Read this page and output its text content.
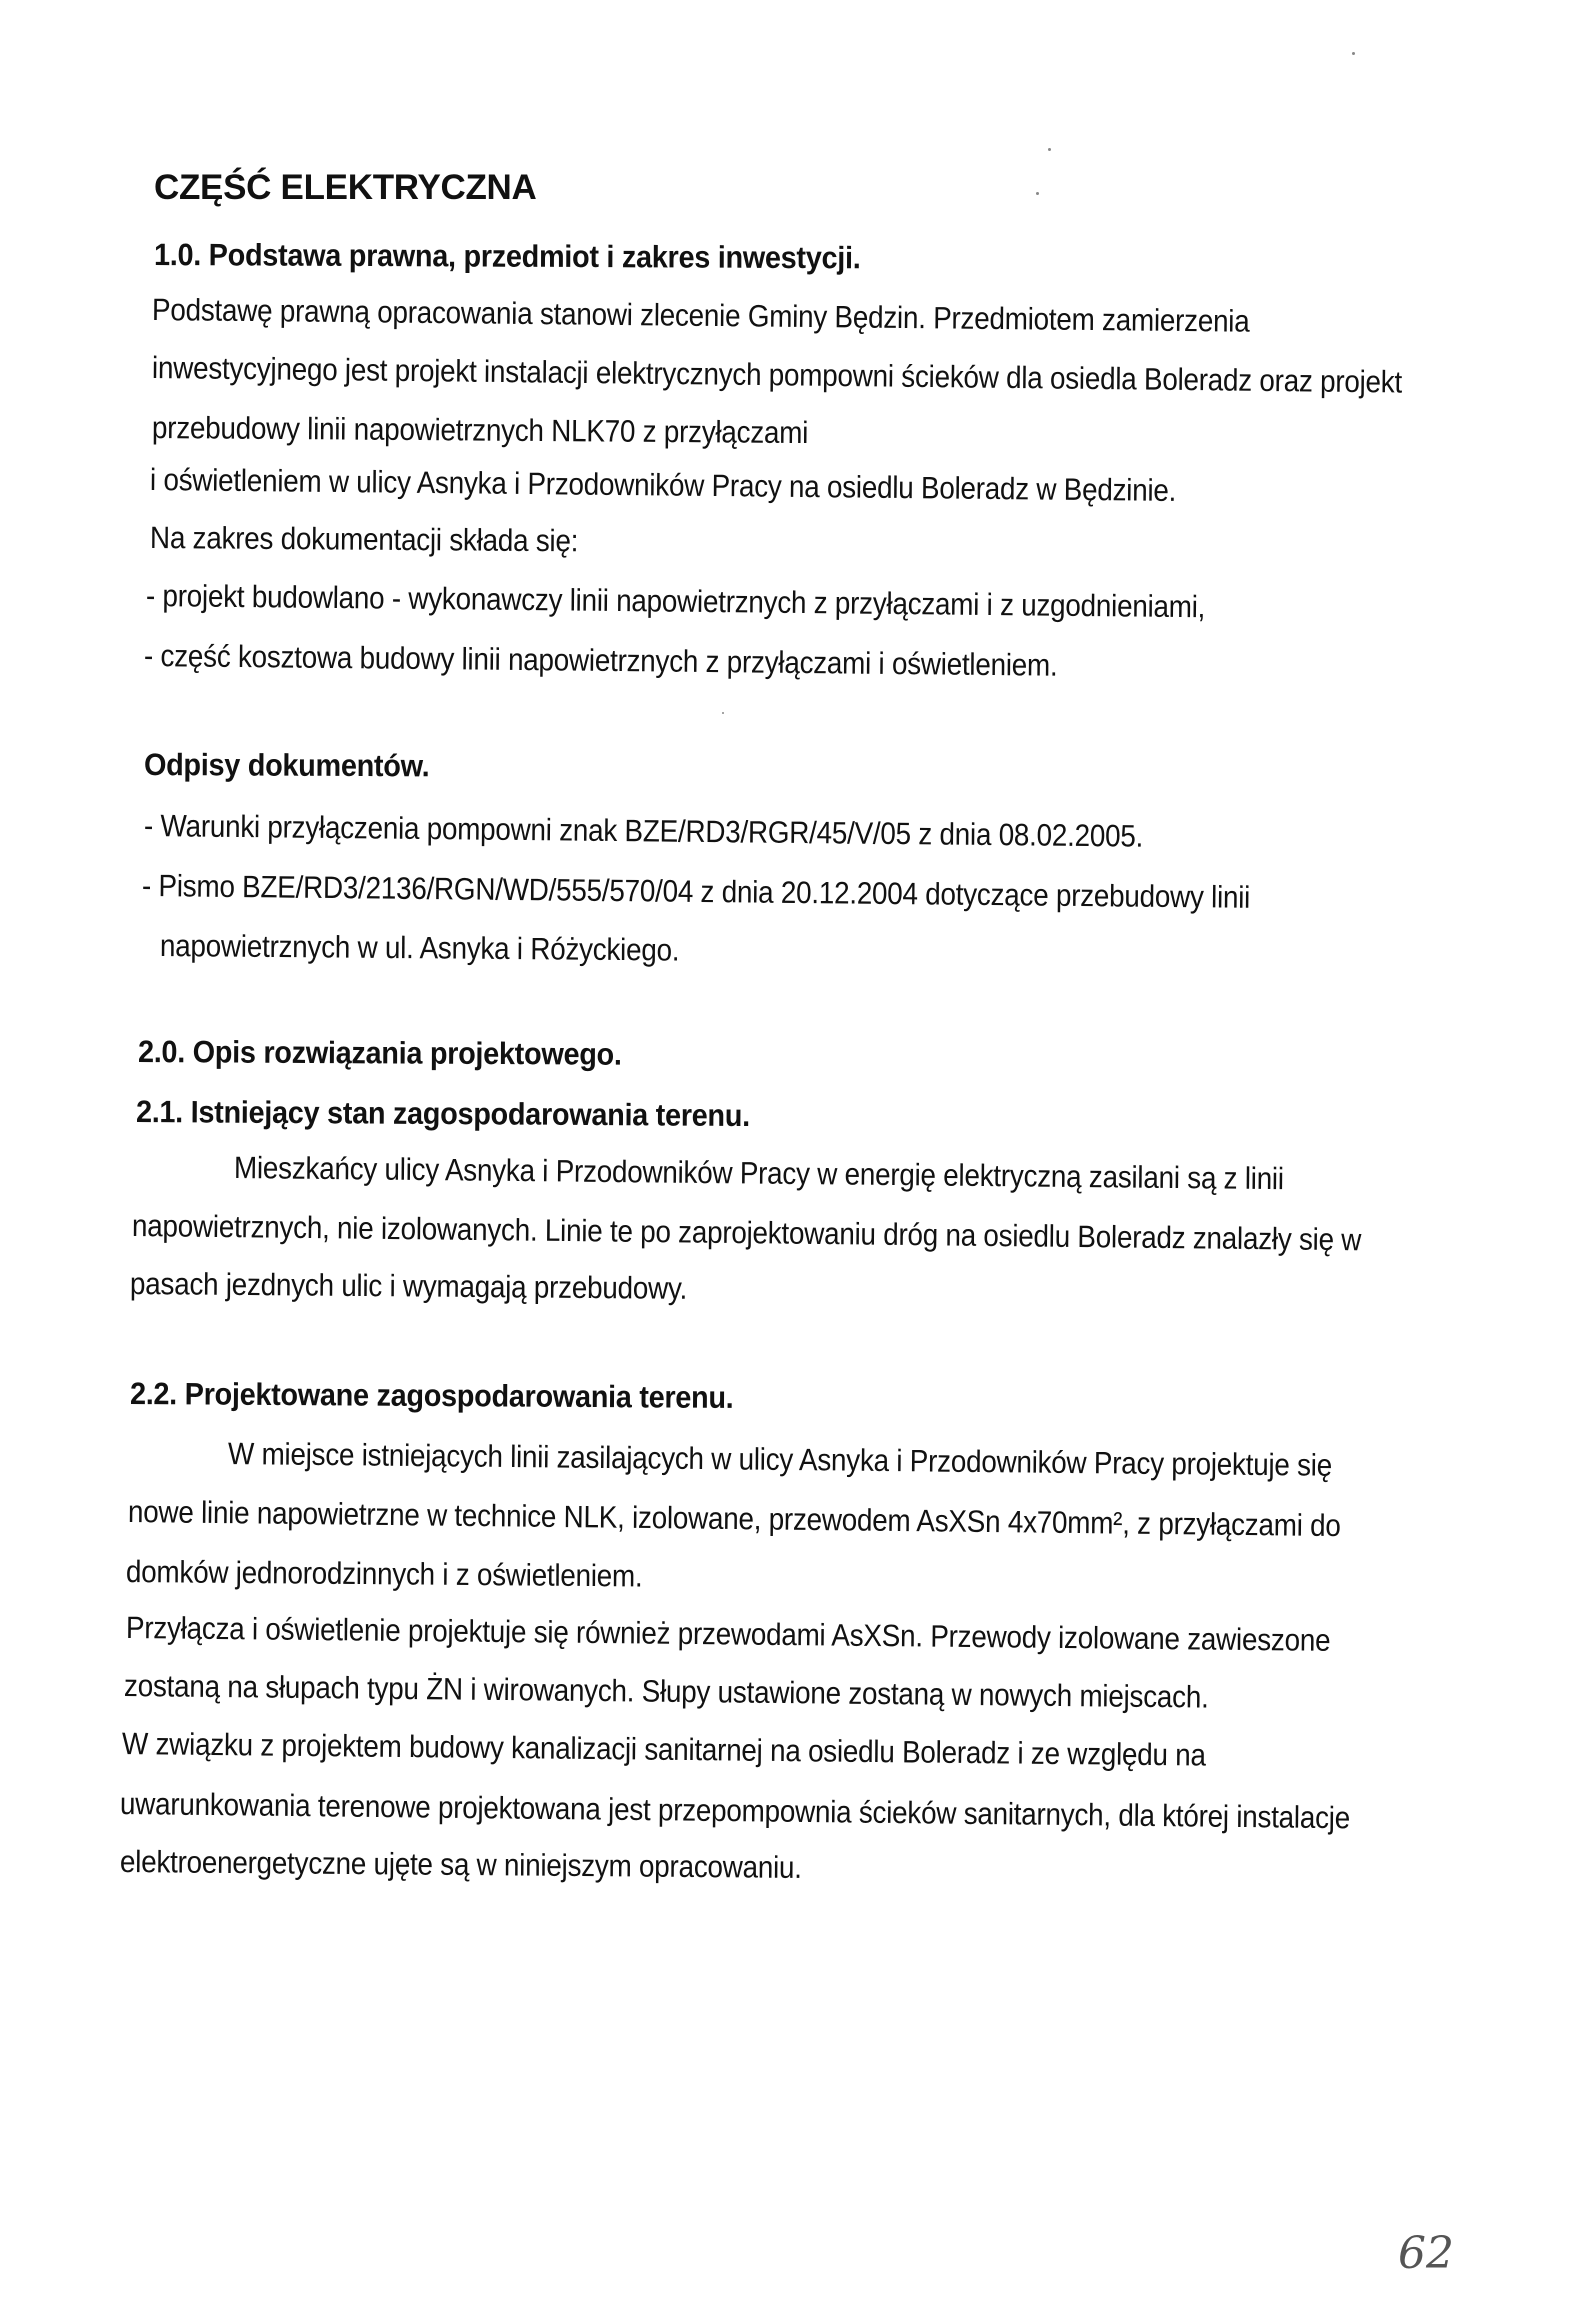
CZĘŚĆ ELEKTRYCZNA
1.0. Podstawa prawna, przedmiot i zakres inwestycji.
Podstawę prawną opracowania stanowi zlecenie Gminy Będzin. Przedmiotem zamierzenia
inwestycyjnego jest projekt instalacji elektrycznych pompowni ścieków dla osiedla Boleradz oraz projekt
przebudowy linii napowietrznych NLK70 z przyłączami
i oświetleniem w ulicy Asnyka i Przodowników Pracy na osiedlu Boleradz w Będzinie.
Na zakres dokumentacji składa się:
- projekt budowlano - wykonawczy linii napowietrznych z przyłączami i z uzgodnieniami,
- część kosztowa budowy linii napowietrznych z przyłączami i oświetleniem.
Odpisy dokumentów.
- Warunki przyłączenia pompowni znak BZE/RD3/RGR/45/V/05 z dnia 08.02.2005.
- Pismo BZE/RD3/2136/RGN/WD/555/570/04 z dnia 20.12.2004 dotyczące przebudowy linii
napowietrznych w ul. Asnyka i Różyckiego.
2.0. Opis rozwiązania projektowego.
2.1. Istniejący stan zagospodarowania terenu.
Mieszkańcy ulicy Asnyka i Przodowników Pracy w energię elektryczną zasilani są z linii
napowietrznych, nie izolowanych. Linie te po zaprojektowaniu dróg na osiedlu Boleradz znalazły się w
pasach jezdnych ulic i wymagają przebudowy.
2.2. Projektowane zagospodarowania terenu.
W miejsce istniejących linii zasilających w ulicy Asnyka i Przodowników Pracy projektuje się
nowe linie napowietrzne w technice NLK, izolowane, przewodem AsXSn 4x70mm², z przyłączami do
domków jednorodzinnych i z oświetleniem.
Przyłącza i oświetlenie projektuje się również przewodami AsXSn. Przewody izolowane zawieszone
zostaną na słupach typu ŻN i wirowanych. Słupy ustawione zostaną w nowych miejscach.
W związku z projektem budowy kanalizacji sanitarnej na osiedlu Boleradz i ze względu na
uwarunkowania terenowe projektowana jest przepompownia ścieków sanitarnych, dla której instalacje
elektroenergetyczne ujęte są w niniejszym opracowaniu.
62
